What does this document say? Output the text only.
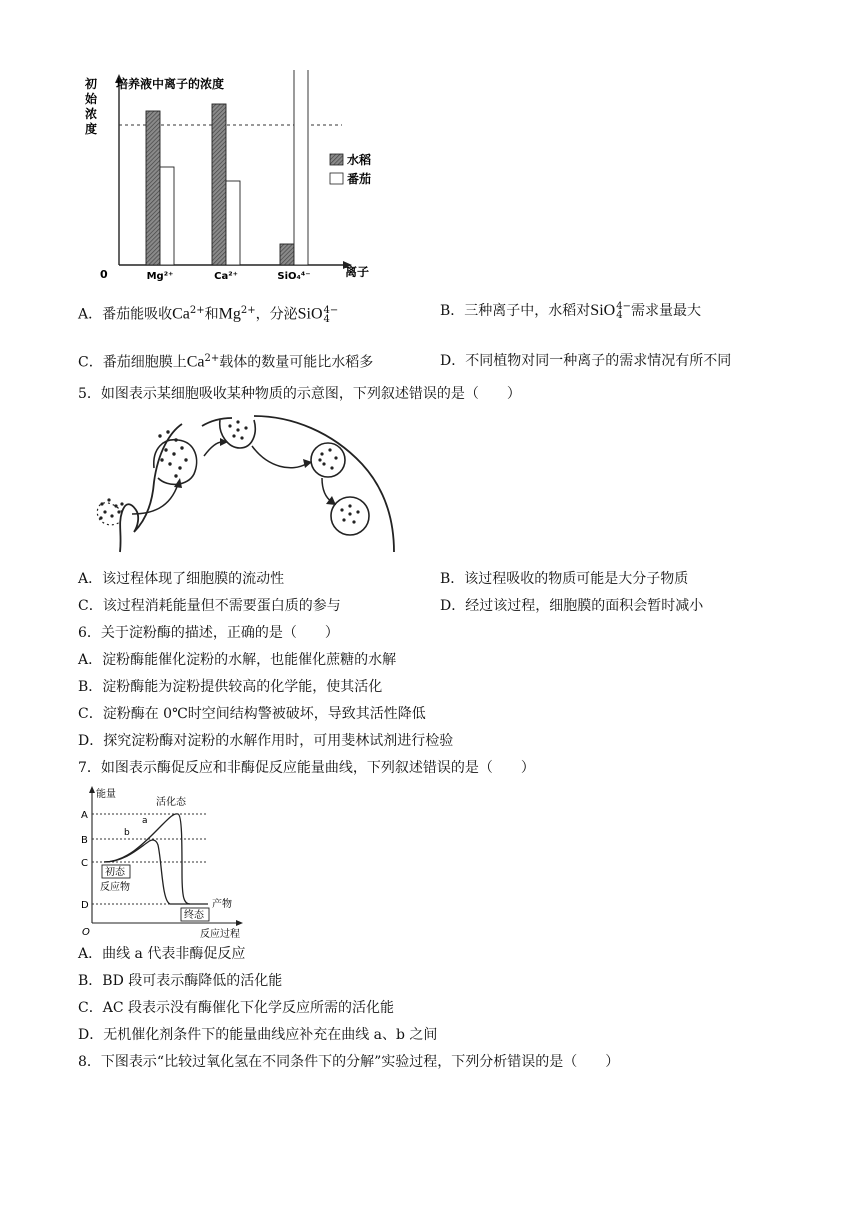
培养液中离子的浓度
初
始
浓
度
0	离子
Mg²⁺	Ca²⁺	SiO₄⁴⁻
水稻
番茄
A．番茄能吸收$Ca^{2+}$和$Mg^{2+}$，分泌SiO 4−
4
B．三种离子中，水稻对SiO 4−
4 需求量最大
C．番茄细胞膜上$Ca^{2+}$载体的数量可能比水稻多	D．不同植物对同一种离子的需求情况有所不同
5．如图表示某细胞吸收某种物质的示意图，下列叙述错误的是（　　）
A．该过程体现了细胞膜的流动性	B．该过程吸收的物质可能是大分子物质
C．该过程消耗能量但不需要蛋白质的参与	D．经过该过程，细胞膜的面积会暂时减小
6．关于淀粉酶的描述，正确的是（　　）
A．淀粉酶能催化淀粉的水解，也能催化蔗糖的水解
B．淀粉酶能为淀粉提供较高的化学能，使其活化
C．淀粉酶在 0℃时空间结构警被破坏，导致其活性降低
D．探究淀粉酶对淀粉的水解作用时，可用斐林试剂进行检验
7．如图表示酶促反应和非酶促反应能量曲线，下列叙述错误的是（　　）
能量
反应过程
O
A
B
C
D
活化态
a
b
初态
反应物
终态
产物
A．曲线 a 代表非酶促反应
B．BD 段可表示酶降低的活化能
C．AC 段表示没有酶催化下化学反应所需的活化能
D．无机催化剂条件下的能量曲线应补充在曲线 a、b 之间
8．下图表示“比较过氧化氢在不同条件下的分解”实验过程，下列分析错误的是（　　）
